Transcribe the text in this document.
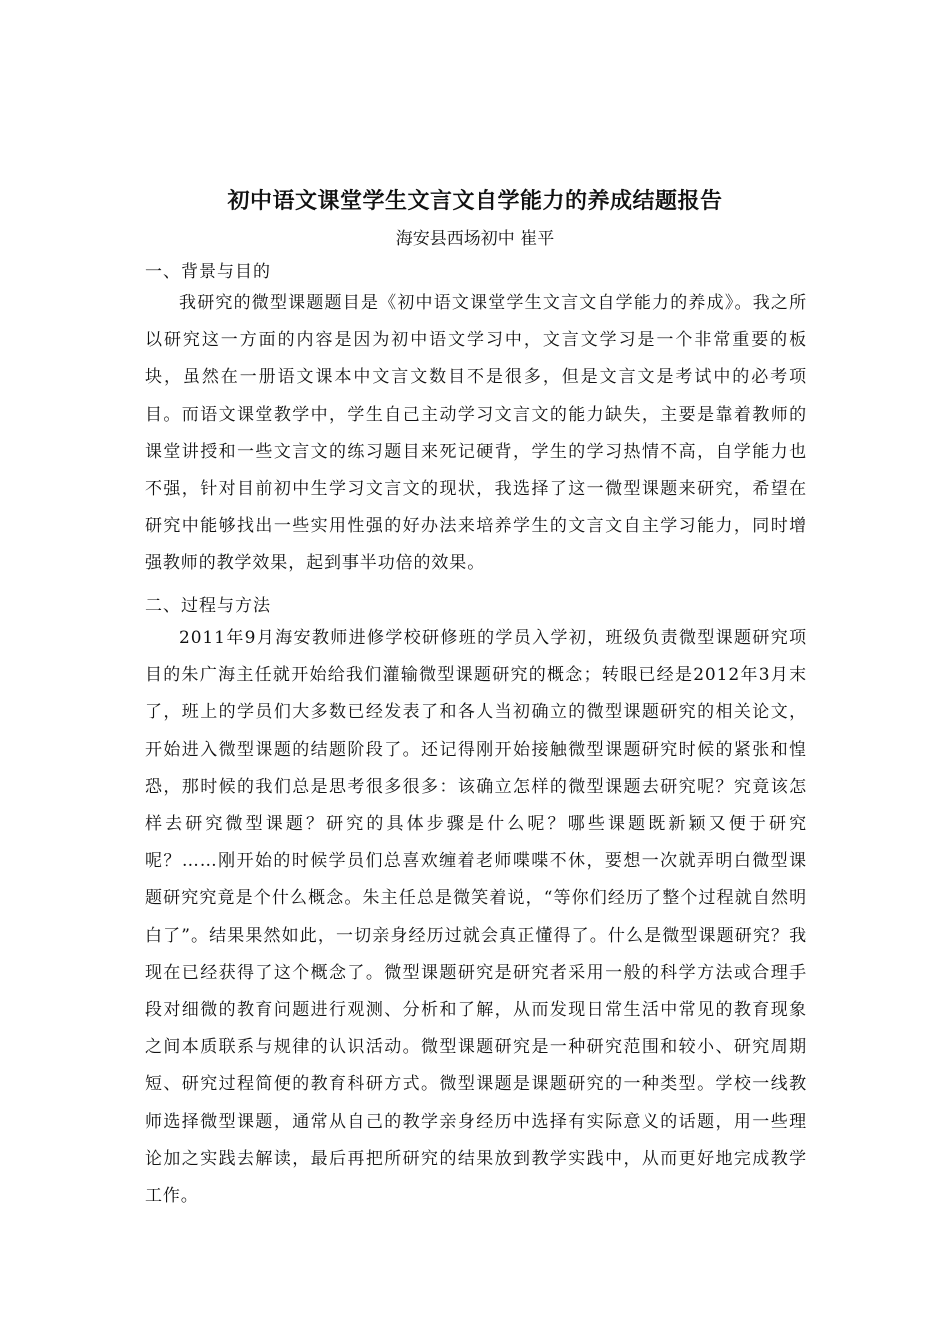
初中语文课堂学生文言文自学能力的养成结题报告
海安县西场初中 崔平
一、背景与目的

我研究的微型课题题目是《初中语文课堂学生文言文自学能力的养成》。我之所以研究这一方面的内容是因为初中语文学习中，文言文学习是一个非常重要的板块，虽然在一册语文课本中文言文数目不是很多，但是文言文是考试中的必考项目。而语文课堂教学中，学生自己主动学习文言文的能力缺失，主要是靠着教师的课堂讲授和一些文言文的练习题目来死记硬背，学生的学习热情不高，自学能力也不强，针对目前初中生学习文言文的现状，我选择了这一微型课题来研究，希望在研究中能够找出一些实用性强的好办法来培养学生的文言文自主学习能力，同时增强教师的教学效果，起到事半功倍的效果。

二、过程与方法

2011年9月海安教师进修学校研修班的学员入学初，班级负责微型课题研究项目的朱广海主任就开始给我们灌输微型课题研究的概念；转眼已经是2012年3月末了，班上的学员们大多数已经发表了和各人当初确立的微型课题研究的相关论文，开始进入微型课题的结题阶段了。还记得刚开始接触微型课题研究时候的紧张和惶恐，那时候的我们总是思考很多很多：该确立怎样的微型课题去研究呢？究竟该怎样去研究微型课题？研究的具体步骤是什么呢？哪些课题既新颖又便于研究呢？……刚开始的时候学员们总喜欢缠着老师喋喋不休，要想一次就弄明白微型课题研究究竟是个什么概念。朱主任总是微笑着说，“等你们经历了整个过程就自然明白了”。结果果然如此，一切亲身经历过就会真正懂得了。什么是微型课题研究？我现在已经获得了这个概念了。微型课题研究是研究者采用一般的科学方法或合理手段对细微的教育问题进行观测、分析和了解，从而发现日常生活中常见的教育现象之间本质联系与规律的认识活动。微型课题研究是一种研究范围和较小、研究周期短、研究过程简便的教育科研方式。微型课题是课题研究的一种类型。学校一线教师选择微型课题，通常从自己的教学亲身经历中选择有实际意义的话题，用一些理论加之实践去解读，最后再把所研究的结果放到教学实践中，从而更好地完成教学工作。
